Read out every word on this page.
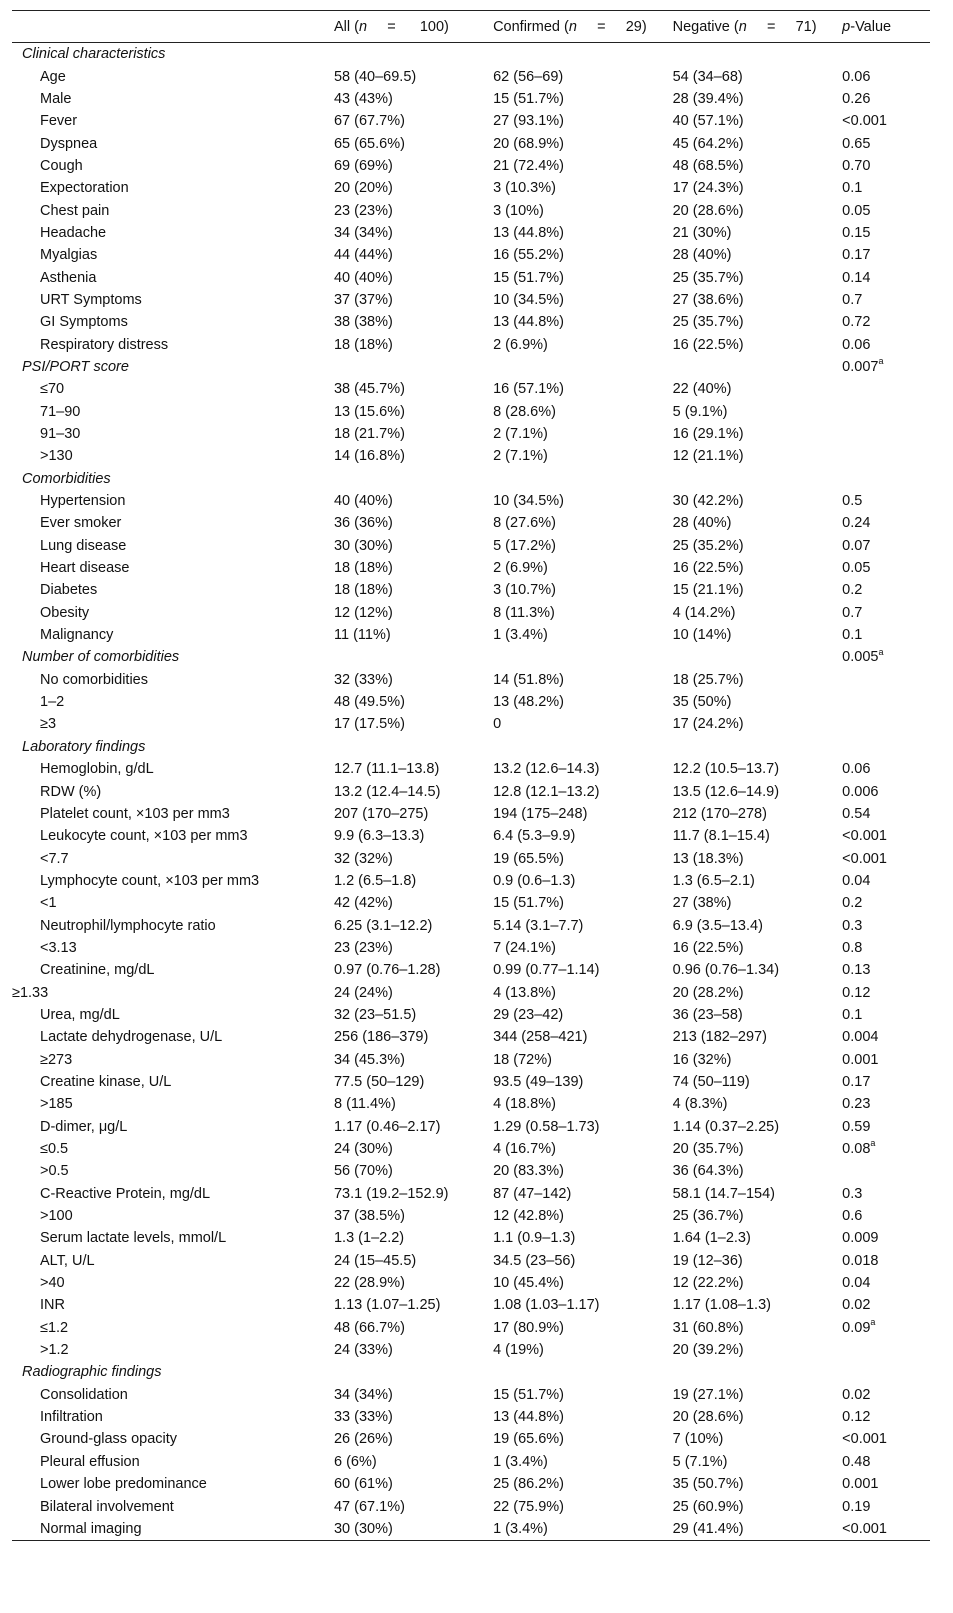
	All (n = 100)	Confirmed (n = 29)	Negative (n = 71)	p-Value
Clinical characteristics				
Age	58 (40–69.5)	62 (56–69)	54 (34–68)	0.06
Male	43 (43%)	15 (51.7%)	28 (39.4%)	0.26
Fever	67 (67.7%)	27 (93.1%)	40 (57.1%)	<0.001
Dyspnea	65 (65.6%)	20 (68.9%)	45 (64.2%)	0.65
Cough	69 (69%)	21 (72.4%)	48 (68.5%)	0.70
Expectoration	20 (20%)	3 (10.3%)	17 (24.3%)	0.1
Chest pain	23 (23%)	3 (10%)	20 (28.6%)	0.05
Headache	34 (34%)	13 (44.8%)	21 (30%)	0.15
Myalgias	44 (44%)	16 (55.2%)	28 (40%)	0.17
Asthenia	40 (40%)	15 (51.7%)	25 (35.7%)	0.14
URT Symptoms	37 (37%)	10 (34.5%)	27 (38.6%)	0.7
GI Symptoms	38 (38%)	13 (44.8%)	25 (35.7%)	0.72
Respiratory distress	18 (18%)	2 (6.9%)	16 (22.5%)	0.06
PSI/PORT score				0.007$^a$
≤70	38 (45.7%)	16 (57.1%)	22 (40%)	
71–90	13 (15.6%)	8 (28.6%)	5 (9.1%)	
91–30	18 (21.7%)	2 (7.1%)	16 (29.1%)	
>130	14 (16.8%)	2 (7.1%)	12 (21.1%)	
Comorbidities				
Hypertension	40 (40%)	10 (34.5%)	30 (42.2%)	0.5
Ever smoker	36 (36%)	8 (27.6%)	28 (40%)	0.24
Lung disease	30 (30%)	5 (17.2%)	25 (35.2%)	0.07
Heart disease	18 (18%)	2 (6.9%)	16 (22.5%)	0.05
Diabetes	18 (18%)	3 (10.7%)	15 (21.1%)	0.2
Obesity	12 (12%)	8 (11.3%)	4 (14.2%)	0.7
Malignancy	11 (11%)	1 (3.4%)	10 (14%)	0.1
Number of comorbidities				0.005$^a$
No comorbidities	32 (33%)	14 (51.8%)	18 (25.7%)	
1–2	48 (49.5%)	13 (48.2%)	35 (50%)	
≥3	17 (17.5%)	0	17 (24.2%)	
Laboratory findings				
Hemoglobin, g/dL	12.7 (11.1–13.8)	13.2 (12.6–14.3)	12.2 (10.5–13.7)	0.06
RDW (%)	13.2 (12.4–14.5)	12.8 (12.1–13.2)	13.5 (12.6–14.9)	0.006
Platelet count, ×103 per mm3	207 (170–275)	194 (175–248)	212 (170–278)	0.54
Leukocyte count, ×103 per mm3	9.9 (6.3–13.3)	6.4 (5.3–9.9)	11.7 (8.1–15.4)	<0.001
<7.7	32 (32%)	19 (65.5%)	13 (18.3%)	<0.001
Lymphocyte count, ×103 per mm3	1.2 (6.5–1.8)	0.9 (0.6–1.3)	1.3 (6.5–2.1)	0.04
<1	42 (42%)	15 (51.7%)	27 (38%)	0.2
Neutrophil/lymphocyte ratio	6.25 (3.1–12.2)	5.14 (3.1–7.7)	6.9 (3.5–13.4)	0.3
<3.13	23 (23%)	7 (24.1%)	16 (22.5%)	0.8
Creatinine, mg/dL	0.97 (0.76–1.28)	0.99 (0.77–1.14)	0.96 (0.76–1.34)	0.13
≥1.33	24 (24%)	4 (13.8%)	20 (28.2%)	0.12
Urea, mg/dL	32 (23–51.5)	29 (23–42)	36 (23–58)	0.1
Lactate dehydrogenase, U/L	256 (186–379)	344 (258–421)	213 (182–297)	0.004
≥273	34 (45.3%)	18 (72%)	16 (32%)	0.001
Creatine kinase, U/L	77.5 (50–129)	93.5 (49–139)	74 (50–119)	0.17
>185	8 (11.4%)	4 (18.8%)	4 (8.3%)	0.23
D-dimer, μg/L	1.17 (0.46–2.17)	1.29 (0.58–1.73)	1.14 (0.37–2.25)	0.59
≤0.5	24 (30%)	4 (16.7%)	20 (35.7%)	0.08$^a$
>0.5	56 (70%)	20 (83.3%)	36 (64.3%)	
C-Reactive Protein, mg/dL	73.1 (19.2–152.9)	87 (47–142)	58.1 (14.7–154)	0.3
>100	37 (38.5%)	12 (42.8%)	25 (36.7%)	0.6
Serum lactate levels, mmol/L	1.3 (1–2.2)	1.1 (0.9–1.3)	1.64 (1–2.3)	0.009
ALT, U/L	24 (15–45.5)	34.5 (23–56)	19 (12–36)	0.018
>40	22 (28.9%)	10 (45.4%)	12 (22.2%)	0.04
INR	1.13 (1.07–1.25)	1.08 (1.03–1.17)	1.17 (1.08–1.3)	0.02
≤1.2	48 (66.7%)	17 (80.9%)	31 (60.8%)	0.09$^a$
>1.2	24 (33%)	4 (19%)	20 (39.2%)	
Radiographic findings				
Consolidation	34 (34%)	15 (51.7%)	19 (27.1%)	0.02
Infiltration	33 (33%)	13 (44.8%)	20 (28.6%)	0.12
Ground-glass opacity	26 (26%)	19 (65.6%)	7 (10%)	<0.001
Pleural effusion	6 (6%)	1 (3.4%)	5 (7.1%)	0.48
Lower lobe predominance	60 (61%)	25 (86.2%)	35 (50.7%)	0.001
Bilateral involvement	47 (67.1%)	22 (75.9%)	25 (60.9%)	0.19
Normal imaging	30 (30%)	1 (3.4%)	29 (41.4%)	<0.001
